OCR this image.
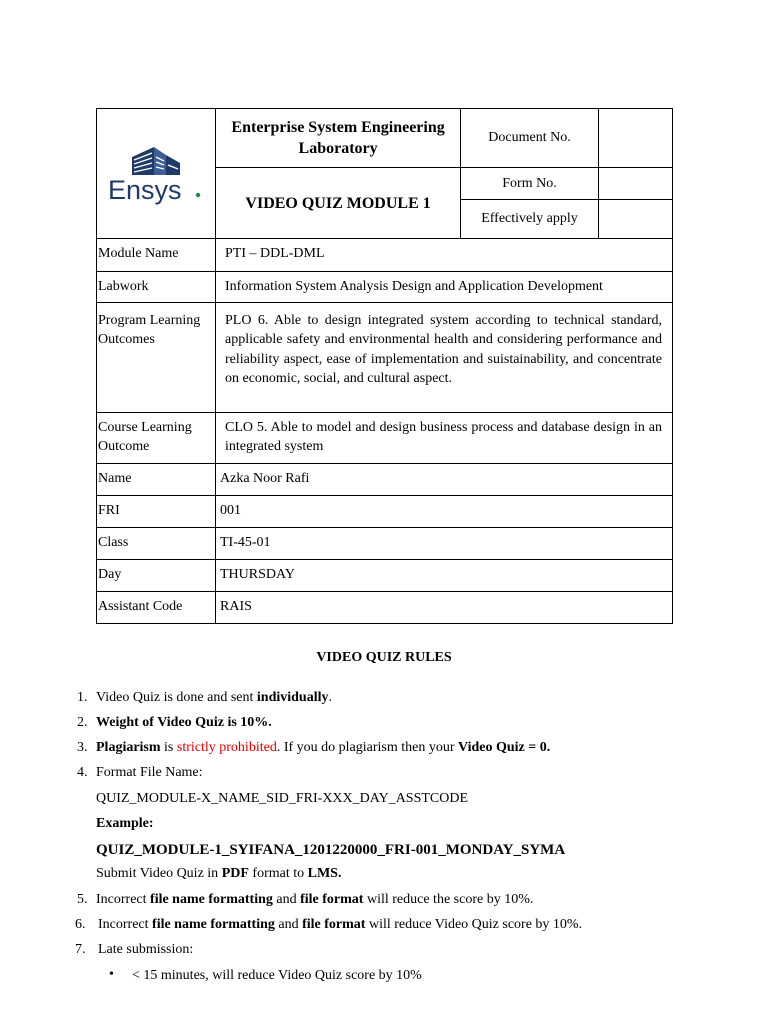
Ensys	Enterprise System Engineering Laboratory	Document No.	
	VIDEO QUIZ MODULE 1	Form No.	
		Effectively apply	
Module Name	PTI – DDL-DML
Labwork	Information System Analysis Design and Application Development
Program Learning Outcomes	PLO 6. Able to design integrated system according to technical standard, applicable safety and environmental health and considering performance and reliability aspect, ease of implementation and suistainability, and concentrate on economic, social, and cultural aspect.
Course Learning Outcome	CLO 5. Able to model and design business process and database design in an integrated system
Name	Azka Noor Rafi
FRI	001
Class	TI-45-01
Day	THURSDAY
Assistant Code	RAIS
VIDEO QUIZ RULES
1. Video Quiz is done and sent individually.
2. Weight of Video Quiz is 10%.
3. Plagiarism is strictly prohibited. If you do plagiarism then your Video Quiz = 0.
4. Format File Name:
QUIZ_MODULE-X_NAME_SID_FRI-XXX_DAY_ASSTCODE
Example:
QUIZ_MODULE-1_SYIFANA_1201220000_FRI-001_MONDAY_SYMA
Submit Video Quiz in PDF format to LMS.
5. Incorrect file name formatting and file format will reduce the score by 10%.
6. Incorrect file name formatting and file format will reduce Video Quiz score by 10%.
7. Late submission:
• < 15 minutes, will reduce Video Quiz score by 10%
